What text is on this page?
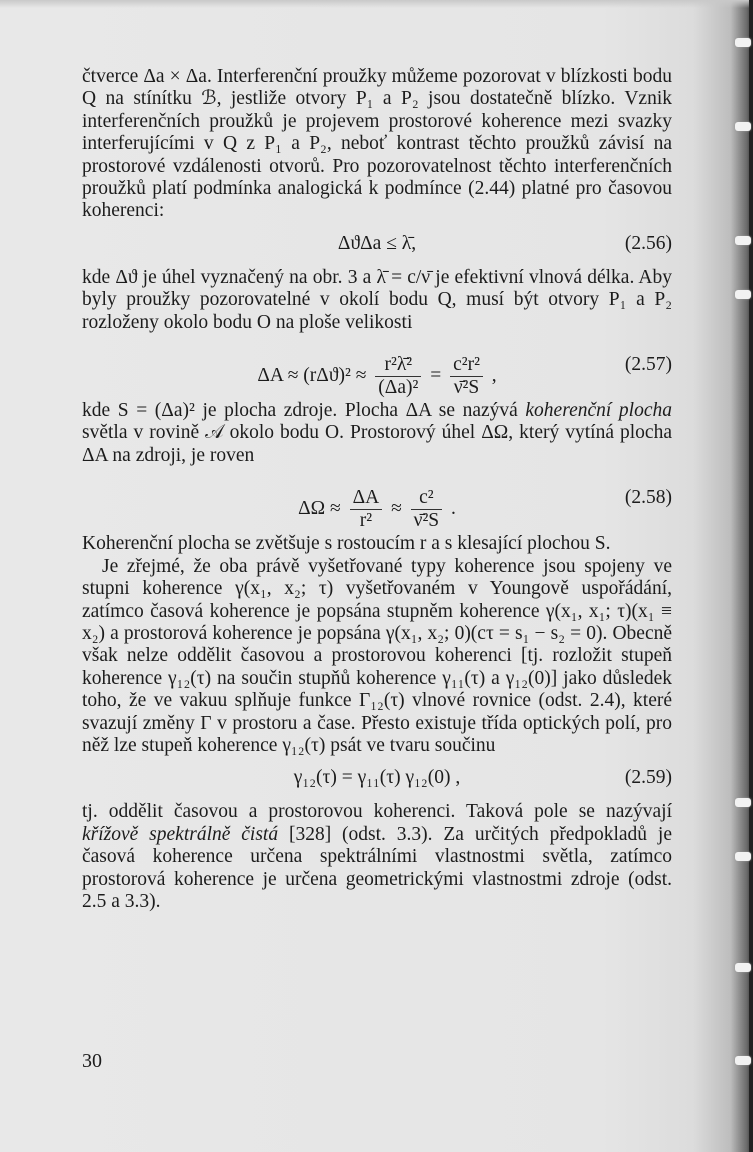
čtverce Δa × Δa. Interferenční proužky můžeme pozorovat v blízkosti bodu Q na stínítku ℬ, jestliže otvory P₁ a P₂ jsou dostatečně blízko. Vznik interferenčních proužků je projevem prostorové koherence mezi svazky interferujícími v Q z P₁ a P₂, neboť kontrast těchto proužků závisí na prostorové vzdálenosti otvorů. Pro pozorovatelnost těchto interferenčních proužků platí podmínka analogická k podmínce (2.44) platné pro časovou koherenci:

ΔϑΔa ≤ λ̄,	(2.56)

kde Δϑ je úhel vyznačený na obr. 3 a λ̄ = c/ν̄ je efektivní vlnová délka. Aby byly proužky pozorovatelné v okolí bodu Q, musí být otvory P₁ a P₂ rozloženy okolo bodu O na ploše velikosti

$\Delta A \approx (r\Delta ϑ)^2 \approx \frac{\text{r²λ̄²}}{\text{(Δa)²}} = \frac{\text{c²r²}}{\text{ν̄²S}}$ ,
(2.57)

kde S = (Δa)² je plocha zdroje. Plocha ΔA se nazývá koherenční plocha světla v rovině 𝒜 okolo bodu O. Prostorový úhel ΔΩ, který vytíná plocha ΔA na zdroji, je roven

$\Delta\Omega \approx \frac{\Delta A}{\text{r²}} \approx \frac{\text{c²}}{\text{ν̄²S}}$ .
(2.58)

Koherenční plocha se zvětšuje s rostoucím r a s klesající plochou S.

Je zřejmé, že oba právě vyšetřované typy koherence jsou spojeny ve stupni koherence γ(x₁, x₂; τ) vyšetřovaném v Youngově uspořádání, zatímco časová koherence je popsána stupněm koherence γ(x₁, x₁; τ)(x₁ ≡ x₂) a prostorová koherence je popsána γ(x₁, x₂; 0)(cτ = s₁ − s₂ = 0). Obecně však nelze oddělit časovou a prostorovou koherenci [tj. rozložit stupeň koherence γ₁₂(τ) na součin stupňů koherence γ₁₁(τ) a γ₁₂(0)] jako důsledek toho, že ve vakuu splňuje funkce Γ₁₂(τ) vlnové rovnice (odst. 2.4), které svazují změny Γ v prostoru a čase. Přesto existuje třída optických polí, pro něž lze stupeň koherence γ₁₂(τ) psát ve tvaru součinu

γ₁₂(τ) = γ₁₁(τ) γ₁₂(0) ,	(2.59)

tj. oddělit časovou a prostorovou koherenci. Taková pole se nazývají křížově spektrálně čistá [328] (odst. 3.3). Za určitých předpokladů je časová koherence určena spektrálními vlastnostmi světla, zatímco prostorová koherence je určena geometrickými vlastnostmi zdroje (odst. 2.5 a 3.3).

30
